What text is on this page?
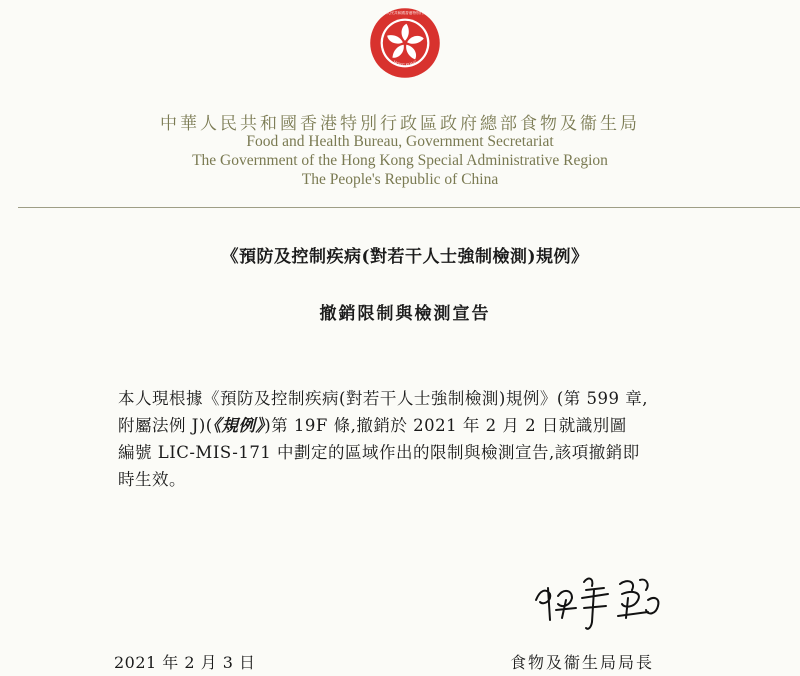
中華人民共和國香港特別行政區
HONG KONG
中華人民共和國香港特別行政區政府總部食物及衞生局
Food and Health Bureau, Government Secretariat
The Government of the Hong Kong Special Administrative Region
The People's Republic of China
《預防及控制疾病(對若干人士強制檢測)規例》
撤銷限制與檢測宣告
本人現根據《預防及控制疾病(對若干人士強制檢測)規例》(第 599 章,
附屬法例 J)(《規例》)第 19F 條,撤銷於 2021 年 2 月 2 日就識別圖
編號 LIC-MIS-171 中劃定的區域作出的限制與檢測宣告,該項撤銷即
時生效。
2021 年 2 月 3 日	食物及衞生局局長
